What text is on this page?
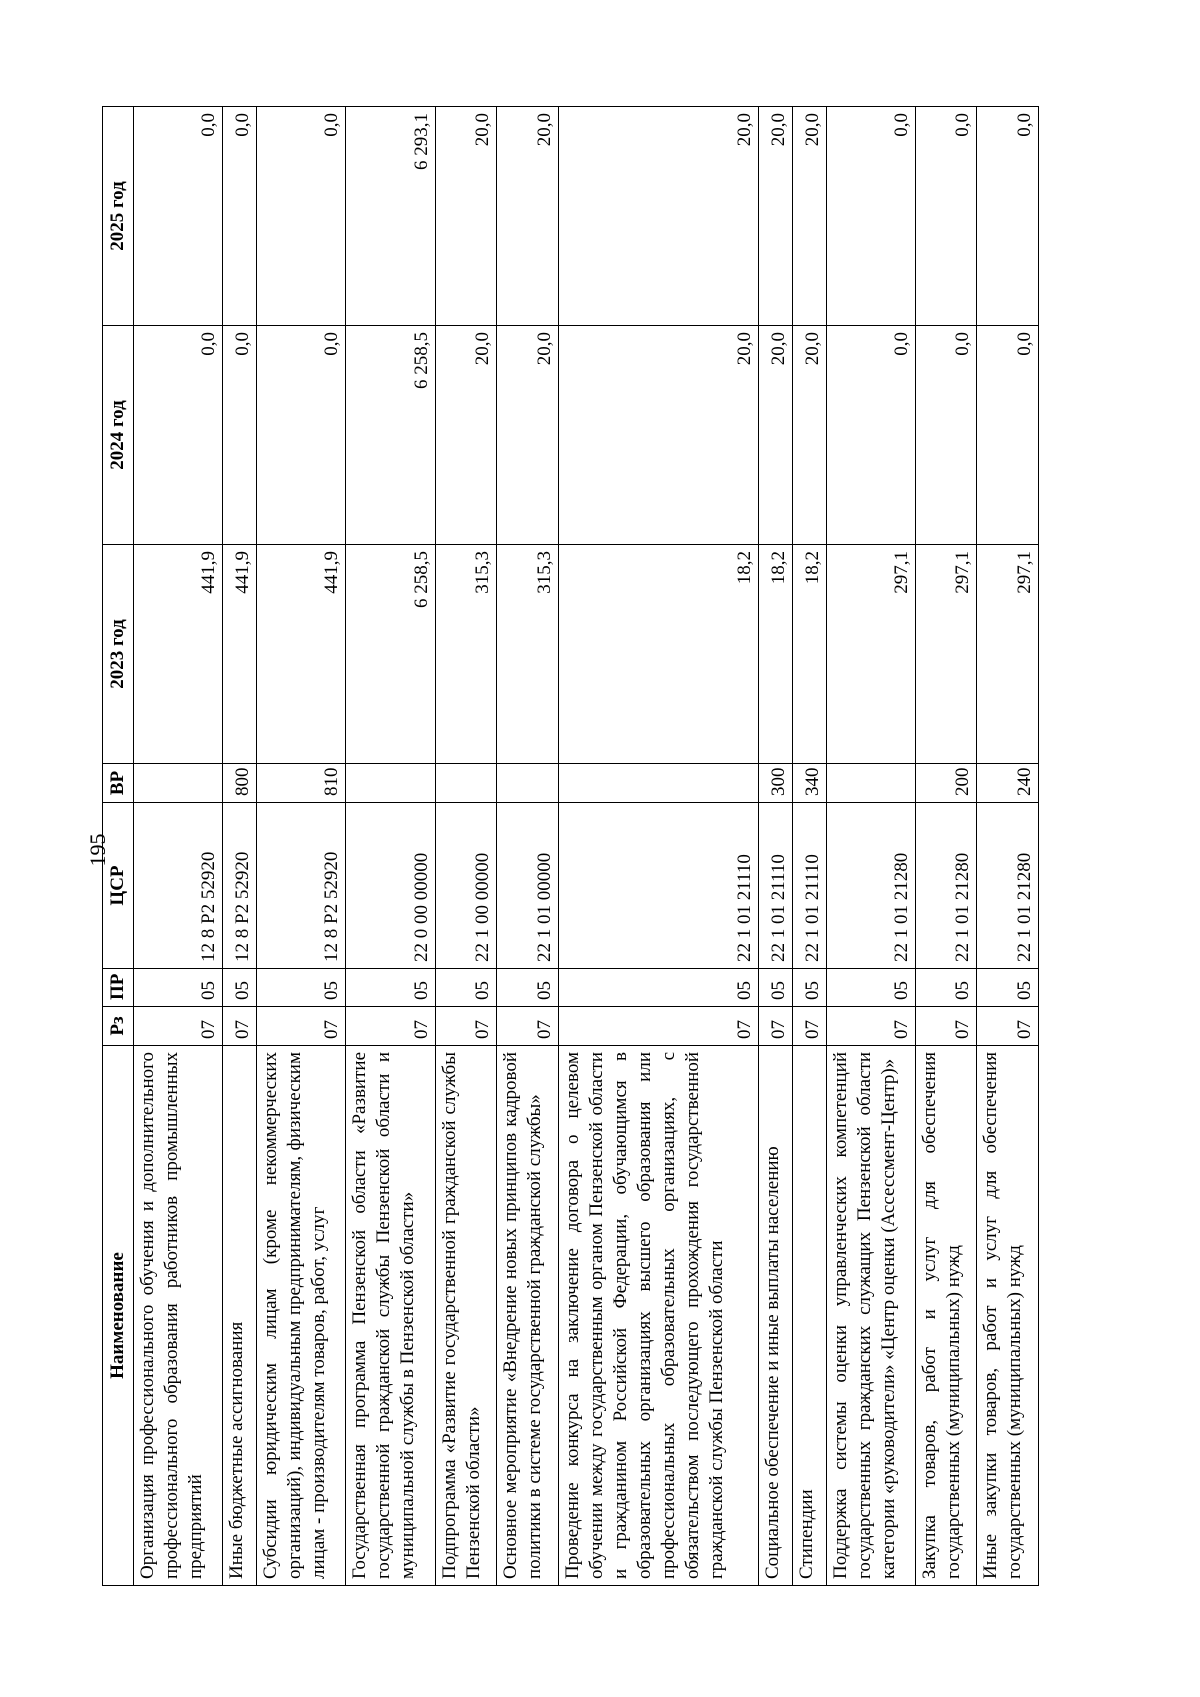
195
Наименование	Рз	ПР	ЦСР	ВР	2023 год	2024 год	2025 год
Организация профессионального обучения и дополнительного профессионального образования работников промышленных предприятий	07	05	12 8 Р2 52920		441,9	0,0	0,0
Иные бюджетные ассигнования	07	05	12 8 Р2 52920	800	441,9	0,0	0,0
Субсидии юридическим лицам (кроме некоммерческих организаций), индивидуальным предпринимателям, физическим лицам - производителям товаров, работ, услуг	07	05	12 8 Р2 52920	810	441,9	0,0	0,0
Государственная программа Пензенской области «Развитие государственной гражданской службы Пензенской области и муниципальной службы в Пензенской области»	07	05	22 0 00 00000		6 258,5	6 258,5	6 293,1
Подпрограмма «Развитие государственной гражданской службы Пензенской области»	07	05	22 1 00 00000		315,3	20,0	20,0
Основное мероприятие «Внедрение новых принципов кадровой политики в системе государственной гражданской службы»	07	05	22 1 01 00000		315,3	20,0	20,0
Проведение конкурса на заключение договора о целевом обучении между государственным органом Пензенской области и гражданином Российской Федерации, обучающимся в образовательных организациях высшего образования или профессиональных образовательных организациях, с обязательством последующего прохождения государственной гражданской службы Пензенской области	07	05	22 1 01 21110		18,2	20,0	20,0
Социальное обеспечение и иные выплаты населению	07	05	22 1 01 21110	300	18,2	20,0	20,0
Стипендии	07	05	22 1 01 21110	340	18,2	20,0	20,0
Поддержка системы оценки управленческих компетенций государственных гражданских служащих Пензенской области категории «руководители» «Центр оценки (Ассессмент-Центр)»	07	05	22 1 01 21280		297,1	0,0	0,0
Закупка товаров, работ и услуг для обеспечения государственных (муниципальных) нужд	07	05	22 1 01 21280	200	297,1	0,0	0,0
Иные закупки товаров, работ и услуг для обеспечения государственных (муниципальных) нужд	07	05	22 1 01 21280	240	297,1	0,0	0,0
